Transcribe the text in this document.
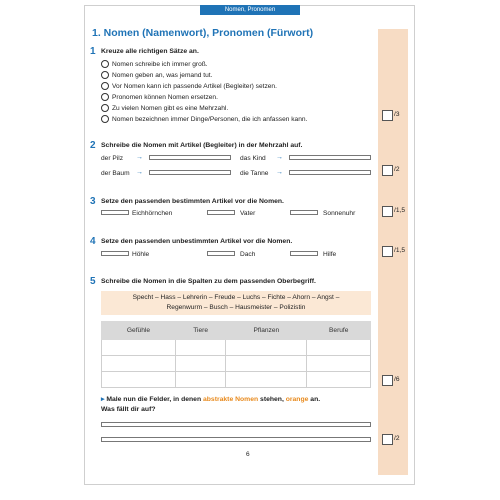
Nomen, Pronomen
1. Nomen (Namenwort), Pronomen (Fürwort)
1 Kreuze alle richtigen Sätze an.
Nomen schreibe ich immer groß.
Nomen geben an, was jemand tut.
Vor Nomen kann ich passende Artikel (Begleiter) setzen.
Pronomen können Nomen ersetzen.
Zu vielen Nomen gibt es eine Mehrzahl.
Nomen bezeichnen immer Dinge/Personen, die ich anfassen kann.
/3
2 Schreibe die Nomen mit Artikel (Begleiter) in der Mehrzahl auf.
der Pilz →	das Kind →
der Baum →	die Tanne →	/2
3 Setze den passenden bestimmten Artikel vor die Nomen.
Eichhörnchen	Vater	Sonnenuhr	/1,5
4 Setze den passenden unbestimmten Artikel vor die Nomen.
Höhle	Dach	Hilfe
/1,5
5 Schreibe die Nomen in die Spalten zu dem passenden Oberbegriff.
Specht – Hass – Lehrerin – Freude – Luchs – Fichte – Ahorn – Angst –
Regenwurm – Busch – Hausmeister – Polizistin
Gefühle	Tiere	Pflanzen	Berufe

/6
▸ Male nun die Felder, in denen abstrakte Nomen stehen, orange an.
Was fällt dir auf?
/2
6
